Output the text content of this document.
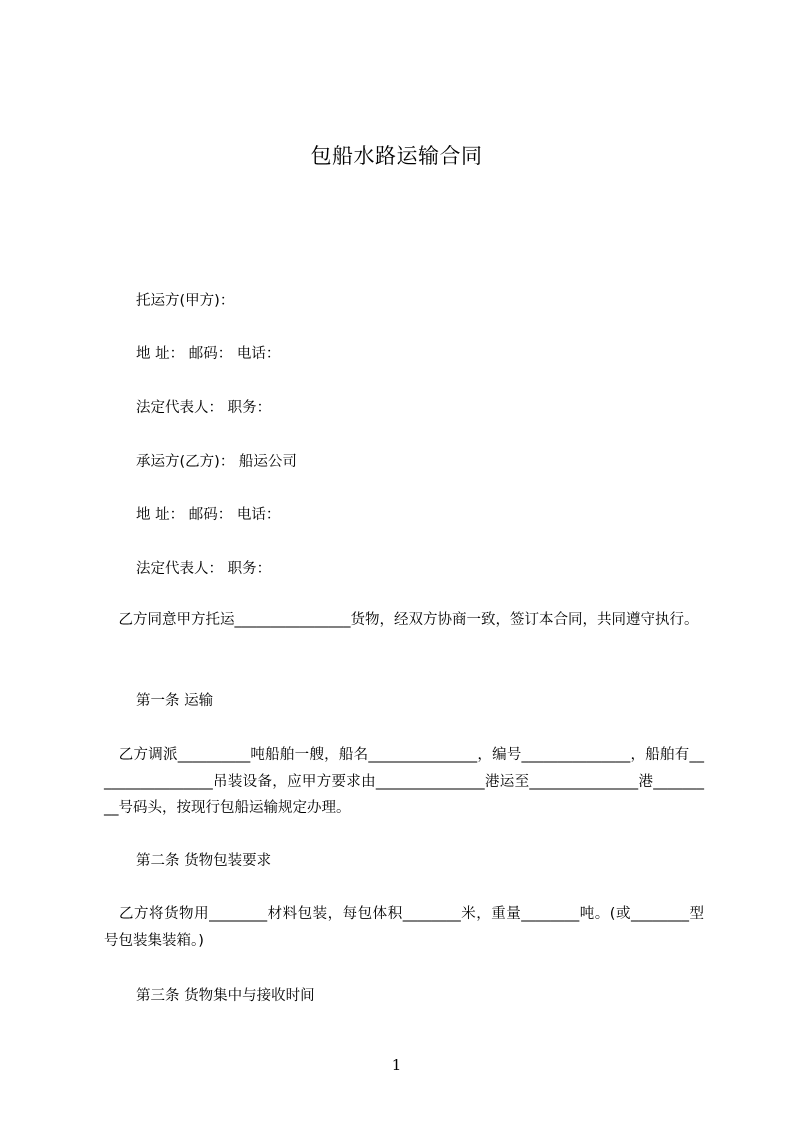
包船水路运输合同
托运方(甲方)：
地 址： 邮码： 电话：
法定代表人： 职务：
承运方(乙方)： 船运公司
地 址： 邮码： 电话：
法定代表人： 职务：
　乙方同意甲方托运________________货物，经双方协商一致，签订本合同，共同遵守执行。
第一条 运输
　乙方调派__________吨船舶一艘，船名_______________，编号_______________，船舶有_________________吊装设备，应甲方要求由_______________港运至_______________港_________号码头，按现行包船运输规定办理。
第二条 货物包装要求
　乙方将货物用________材料包装，每包体积________米，重量________吨。(或________型号包装集装箱。)
第三条 货物集中与接收时间
1
